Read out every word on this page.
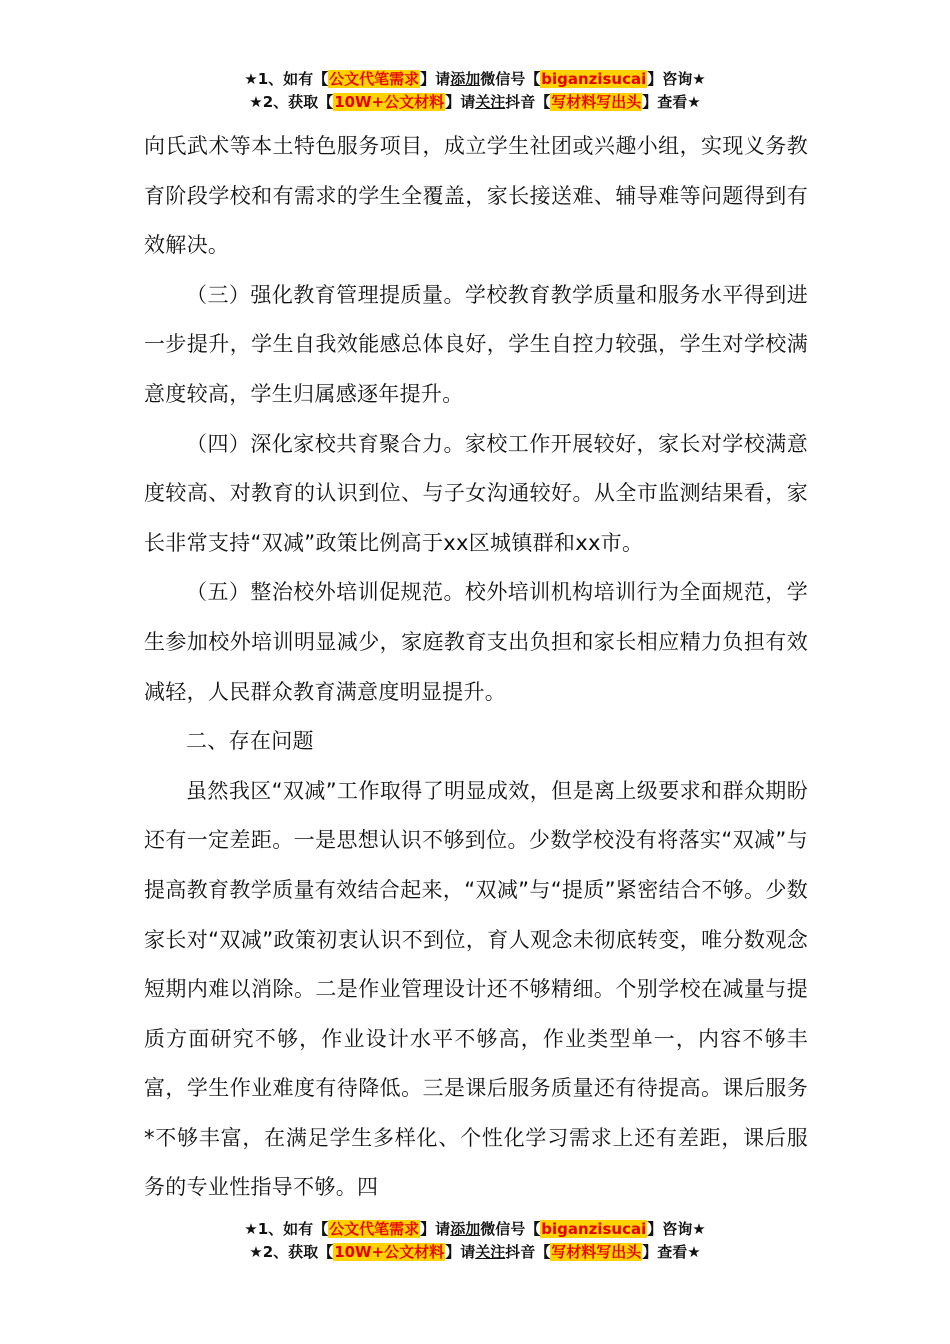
★1、如有【公文代笔需求】请添加微信号【biganzisucai】咨询★
★2、获取【10W+公文材料】请关注抖音【写材料写出头】查看★

向氏武术等本土特色服务项目，成立学生社团或兴趣小组，实现义务教育阶段学校和有需求的学生全覆盖，家长接送难、辅导难等问题得到有效解决。

（三）强化教育管理提质量。学校教育教学质量和服务水平得到进一步提升，学生自我效能感总体良好，学生自控力较强，学生对学校满意度较高，学生归属感逐年提升。

（四）深化家校共育聚合力。家校工作开展较好，家长对学校满意度较高、对教育的认识到位、与子女沟通较好。从全市监测结果看，家长非常支持“双减”政策比例高于xx区城镇群和xx市。

（五）整治校外培训促规范。校外培训机构培训行为全面规范，学生参加校外培训明显减少，家庭教育支出负担和家长相应精力负担有效减轻，人民群众教育满意度明显提升。

二、存在问题

虽然我区“双减”工作取得了明显成效，但是离上级要求和群众期盼还有一定差距。一是思想认识不够到位。少数学校没有将落实“双减”与提高教育教学质量有效结合起来，“双减”与“提质”紧密结合不够。少数家长对“双减”政策初衷认识不到位，育人观念未彻底转变，唯分数观念短期内难以消除。二是作业管理设计还不够精细。个别学校在减量与提质方面研究不够，作业设计水平不够高，作业类型单一，内容不够丰富，学生作业难度有待降低。三是课后服务质量还有待提高。课后服务*不够丰富，在满足学生多样化、个性化学习需求上还有差距，课后服务的专业性指导不够。四

★1、如有【公文代笔需求】请添加微信号【biganzisucai】咨询★
★2、获取【10W+公文材料】请关注抖音【写材料写出头】查看★
